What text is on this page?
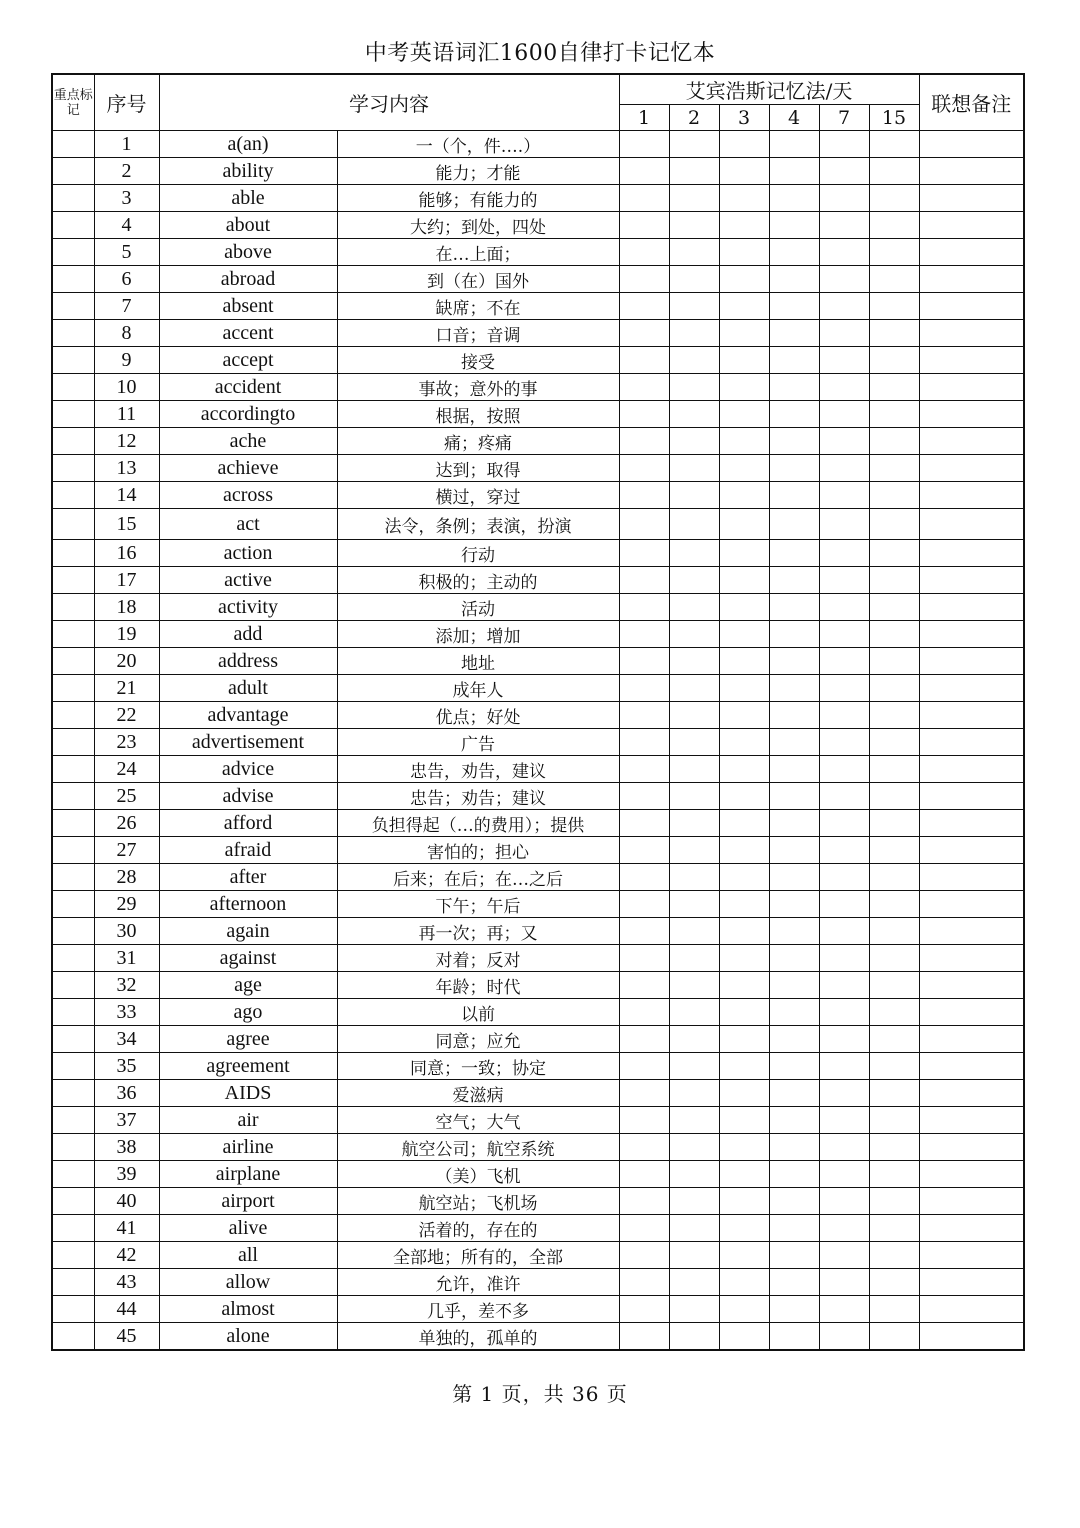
中考英语词汇1600自律打卡记忆本
重点标记	序号	学习内容		艾宾浩斯记忆法/天						联想备注
				1	2	3	4	7	15	
	1	a(an)	一（个，件….）							
	2	ability	能力；才能							
	3	able	能够；有能力的							
	4	about	大约；到处，四处							
	5	above	在…上面；							
	6	abroad	到（在）国外							
	7	absent	缺席；不在							
	8	accent	口音；音调							
	9	accept	接受							
	10	accident	事故；意外的事							
	11	accordingto	根据，按照							
	12	ache	痛；疼痛							
	13	achieve	达到；取得							
	14	across	横过，穿过							
	15	act	法令，条例；表演，扮演							
	16	action	行动							
	17	active	积极的；主动的							
	18	activity	活动							
	19	add	添加；增加							
	20	address	地址							
	21	adult	成年人							
	22	advantage	优点；好处							
	23	advertisement	广告							
	24	advice	忠告，劝告，建议							
	25	advise	忠告；劝告；建议							
	26	afford	负担得起（…的费用）；提供							
	27	afraid	害怕的；担心							
	28	after	后来；在后；在…之后							
	29	afternoon	下午；午后							
	30	again	再一次；再；又							
	31	against	对着；反对							
	32	age	年龄；时代							
	33	ago	以前							
	34	agree	同意；应允							
	35	agreement	同意；一致；协定							
	36	AIDS	爱滋病							
	37	air	空气；大气							
	38	airline	航空公司；航空系统							
	39	airplane	（美）飞机							
	40	airport	航空站；飞机场							
	41	alive	活着的，存在的							
	42	all	全部地；所有的，全部							
	43	allow	允许，准许							
	44	almost	几乎，差不多							
	45	alone	单独的，孤单的							
第 1 页，共 36 页
